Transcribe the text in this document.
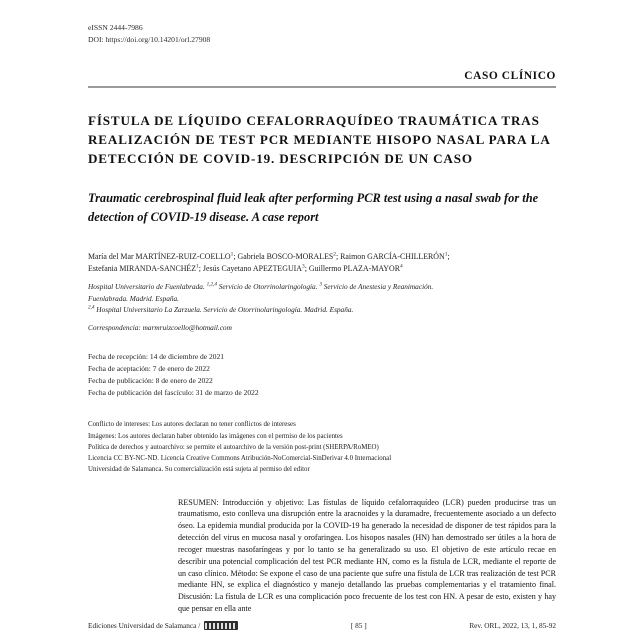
eISSN 2444-7986
DOI: https://doi.org/10.14201/orl.27908
CASO CLÍNICO
FÍSTULA DE LÍQUIDO CEFALORRAQUÍDEO TRAUMÁTICA TRAS REALIZACIÓN DE TEST PCR MEDIANTE HISOPO NASAL PARA LA DETECCIÓN DE COVID-19. DESCRIPCIÓN DE UN CASO
Traumatic cerebrospinal fluid leak after performing PCR test using a nasal swab for the detection of COVID-19 disease. A case report
María del Mar MARTÍNEZ-RUIZ-COELLO$^1$; Gabriela BOSCO-MORALES$^2$; Raimon GARCÍA-CHILLERÓN$^1$;
Estefania MIRANDA-SANCHÉZ$^1$; Jesús Cayetano APEZTEGUIA$^3$; Guillermo PLAZA-MAYOR$^4$
Hospital Universitario de Fuenlabrada. $^{1,2,4}$ Servicio de Otorrinolaringología. $^3$ Servicio de Anestesia y Reanimación.
Fuenlabrada. Madrid. España.
$^{2,4}$ Hospital Universitario La Zarzuela. Servicio de Otorrinolaringología. Madrid. España.
Correspondencia: marmruizcoello@hotmail.com
Fecha de recepción: 14 de diciembre de 2021
Fecha de aceptación: 7 de enero de 2022
Fecha de publicación: 8 de enero de 2022
Fecha de publicación del fascículo: 31 de marzo de 2022
Conflicto de intereses: Los autores declaran no tener conflictos de intereses
Imágenes: Los autores declaran haber obtenido las imágenes con el permiso de los pacientes
Política de derechos y autoarchivo: se permite el autoarchivo de la versión post-print (SHERPA/RoMEO)
Licencia CC BY-NC-ND. Licencia Creative Commons Atribución-NoComercial-SinDerivar 4.0 Internacional
Universidad de Salamanca. Su comercialización está sujeta al permiso del editor

RESUMEN: Introducción y objetivo: Las fístulas de líquido cefalorraquídeo (LCR) pueden producirse tras un traumatismo, esto conlleva una disrupción entre la aracnoides y la duramadre, frecuentemente asociado a un defecto óseo. La epidemia mundial producida por la COVID-19 ha generado la necesidad de disponer de test rápidos para la detección del virus en mucosa nasal y orofaringea. Los hisopos nasales (HN) han demostrado ser útiles a la hora de recoger muestras nasofaríngeas y por lo tanto se ha generalizado su uso. El objetivo de este artículo recae en describir una potencial complicación del test PCR mediante HN, como es la fístula de LCR, mediante el reporte de un caso clínico. Método: Se expone el caso de una paciente que sufre una fístula de LCR tras realización de test PCR mediante HN, se explica el diagnóstico y manejo detallando las pruebas complementarias y el tratamiento final. Discusión: La fístula de LCR es una complicación poco frecuente de los test con HN. A pesar de esto, existen y hay que pensar en ella ante

Ediciones Universidad de Salamanca /	[ 85 ]	Rev. ORL, 2022, 13, 1, 85-92
